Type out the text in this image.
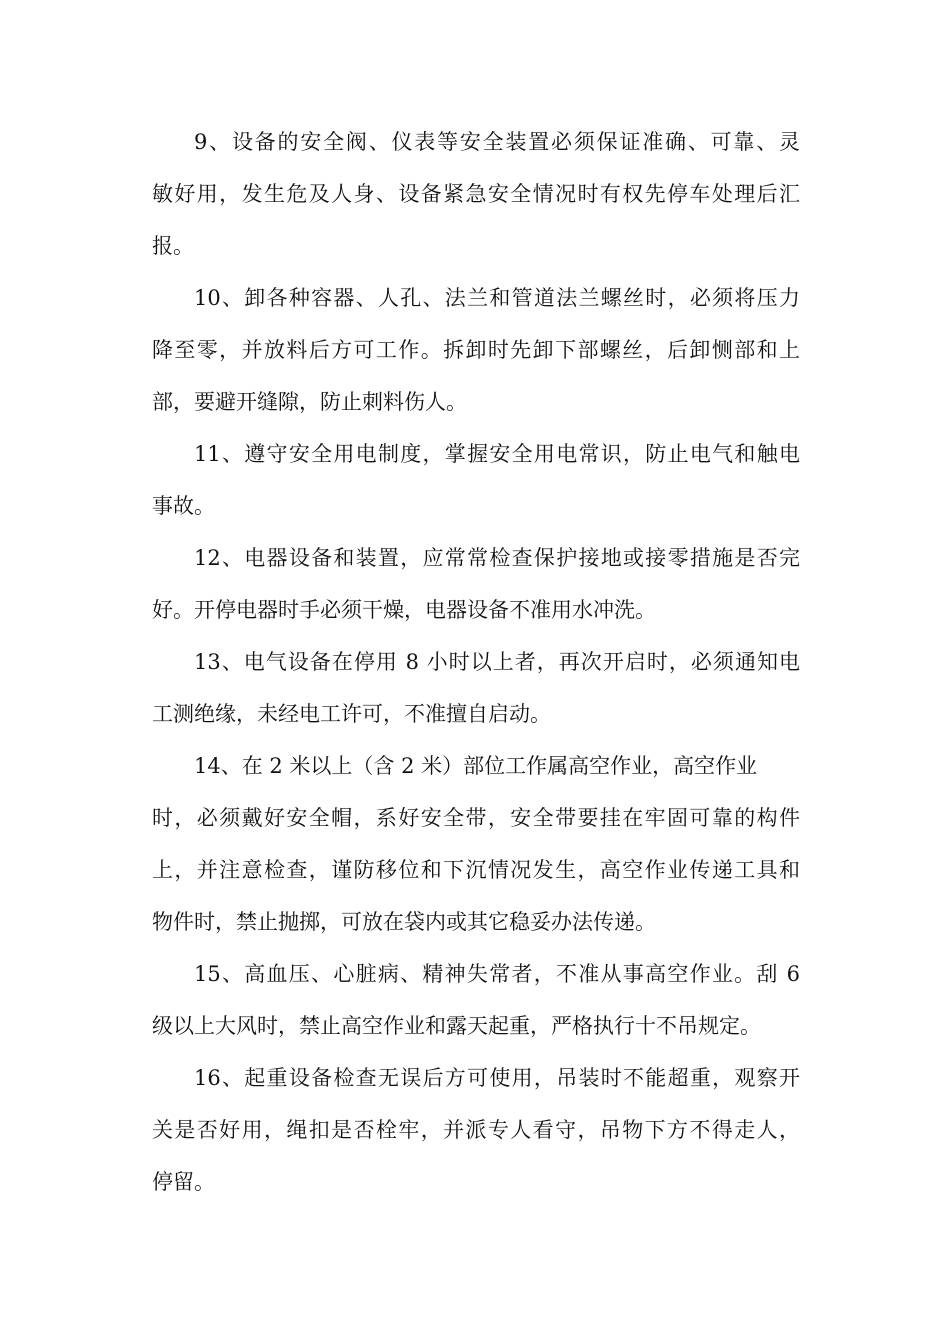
9、设备的安全阀、仪表等安全装置必须保证准确、可靠、灵
敏好用，发生危及人身、设备紧急安全情况时有权先停车处理后汇
报。
10、卸各种容器、人孔、法兰和管道法兰螺丝时，必须将压力
降至零，并放料后方可工作。拆卸时先卸下部螺丝，后卸恻部和上
部，要避开缝隙，防止刺料伤人。
11、遵守安全用电制度，掌握安全用电常识，防止电气和触电
事故。
12、电器设备和装置，应常常检查保护接地或接零措施是否完
好。开停电器时手必须干燥，电器设备不准用水冲洗。
13、电气设备在停用 8 小时以上者，再次开启时，必须通知电
工测绝缘，未经电工许可，不准擅自启动。
14、在 2 米以上（含 2 米）部位工作属高空作业，高空作业
时，必须戴好安全帽，系好安全带，安全带要挂在牢固可靠的构件
上，并注意检查，谨防移位和下沉情况发生，高空作业传递工具和
物件时，禁止抛掷，可放在袋内或其它稳妥办法传递。
15、高血压、心脏病、精神失常者，不准从事高空作业。刮 6
级以上大风时，禁止高空作业和露天起重，严格执行十不吊规定。
16、起重设备检查无误后方可使用，吊装时不能超重，观察开
关是否好用，绳扣是否栓牢，并派专人看守，吊物下方不得走人，
停留。
